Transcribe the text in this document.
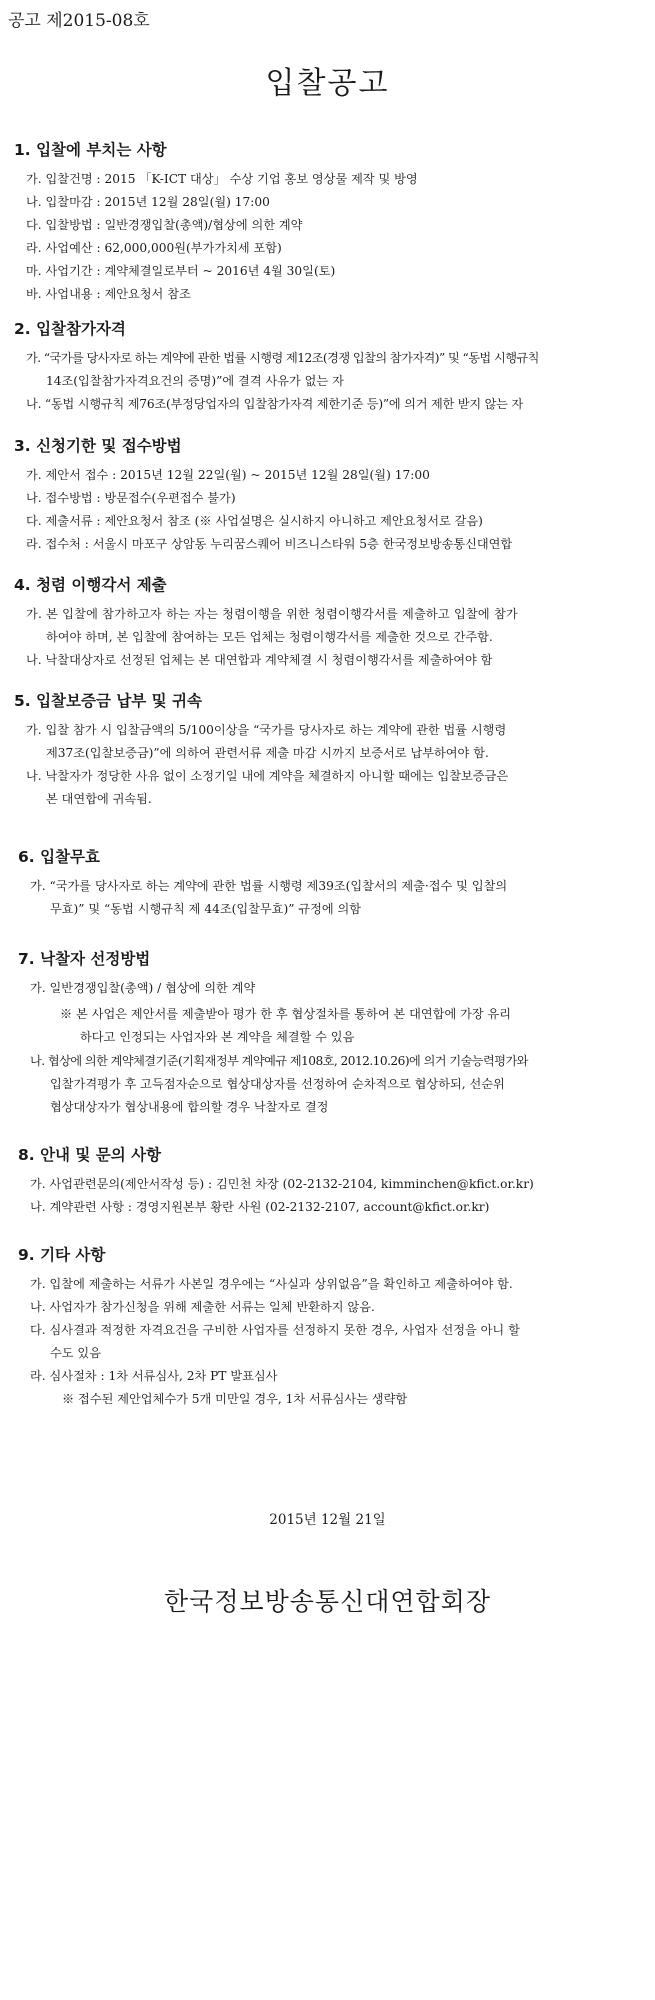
공고 제2015-08호
입찰공고
1. 입찰에 부치는 사항
가. 입찰건명 : 2015 「K-ICT 대상」 수상 기업 홍보 영상물 제작 및 방영
나. 입찰마감 : 2015년 12월 28일(월) 17:00
다. 입찰방법 : 일반경쟁입찰(총액)/협상에 의한 계약
라. 사업예산 : 62,000,000원(부가가치세 포함)
마. 사업기간 : 계약체결일로부터 ~ 2016년 4월 30일(토)
바. 사업내용 : 제안요청서 참조
2. 입찰참가자격
가. “국가를 당사자로 하는 계약에 관한 법률 시행령 제12조(경쟁 입찰의 참가자격)” 및 “동법 시행규칙
14조(입찰참가자격요건의 증명)”에 결격 사유가 없는 자
나. “동법 시행규칙 제76조(부정당업자의 입찰참가자격 제한기준 등)”에 의거 제한 받지 않는 자
3. 신청기한 및 접수방법
가. 제안서 접수 : 2015년 12월 22일(월) ~ 2015년 12월 28일(월) 17:00
나. 접수방법 : 방문접수(우편접수 불가)
다. 제출서류 : 제안요청서 참조 (※ 사업설명은 실시하지 아니하고 제안요청서로 갈음)
라. 접수처 : 서울시 마포구 상암동 누리꿈스퀘어 비즈니스타워 5층 한국정보방송통신대연합
4. 청렴 이행각서 제출
가. 본 입찰에 참가하고자 하는 자는 청렴이행을 위한 청렴이행각서를 제출하고 입찰에 참가
하여야 하며, 본 입찰에 참여하는 모든 업체는 청렴이행각서를 제출한 것으로 간주함.
나. 낙찰대상자로 선정된 업체는 본 대연합과 계약체결 시 청렴이행각서를 제출하여야 함
5. 입찰보증금 납부 및 귀속
가. 입찰 참가 시 입찰금액의 5/100이상을 “국가를 당사자로 하는 계약에 관한 법률 시행령
제37조(입찰보증금)”에 의하여 관련서류 제출 마감 시까지 보증서로 납부하여야 함.
나. 낙찰자가 정당한 사유 없이 소정기일 내에 계약을 체결하지 아니할 때에는 입찰보증금은
본 대연합에 귀속됨.
6. 입찰무효
가. “국가를 당사자로 하는 계약에 관한 법률 시행령 제39조(입찰서의 제출·접수 및 입찰의
무효)” 및 “동법 시행규칙 제 44조(입찰무효)” 규정에 의함
7. 낙찰자 선정방법
가. 일반경쟁입찰(총액) / 협상에 의한 계약
※ 본 사업은 제안서를 제출받아 평가 한 후 협상절차를 통하여 본 대연합에 가장 유리
하다고 인정되는 사업자와 본 계약을 체결할 수 있음
나. 협상에 의한 계약체결기준(기획재정부 계약예규 제108호, 2012.10.26)에 의거 기술능력평가와
입찰가격평가 후 고득점자순으로 협상대상자를 선정하여 순차적으로 협상하되, 선순위
협상대상자가 협상내용에 합의할 경우 낙찰자로 결정
8. 안내 및 문의 사항
가. 사업관련문의(제안서작성 등) : 김민천 차장 (02-2132-2104, kimminchen@kfict.or.kr)
나. 계약관련 사항 : 경영지원본부 황란 사원 (02-2132-2107, account@kfict.or.kr)
9. 기타 사항
가. 입찰에 제출하는 서류가 사본일 경우에는 “사실과 상위없음”을 확인하고 제출하여야 함.
나. 사업자가 참가신청을 위해 제출한 서류는 일체 반환하지 않음.
다. 심사결과 적정한 자격요건을 구비한 사업자를 선정하지 못한 경우, 사업자 선정을 아니 할
수도 있음
라. 심사절차 : 1차 서류심사, 2차 PT 발표심사
※ 접수된 제안업체수가 5개 미만일 경우, 1차 서류심사는 생략함
2015년 12월 21일
한국정보방송통신대연합회장
